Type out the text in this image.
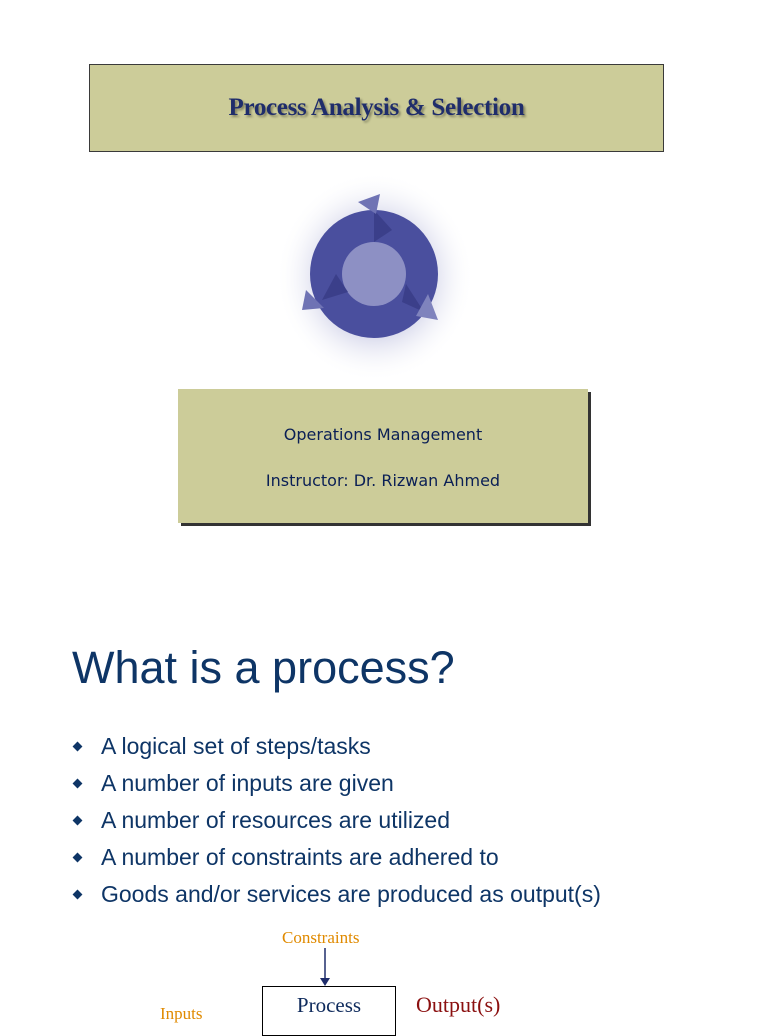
Process Analysis & Selection
Operations Management
Instructor: Dr. Rizwan Ahmed
What is a process?
A logical set of steps/tasks
A number of inputs are given
A number of resources are utilized
A number of constraints are adhered to
Goods and/or services are produced as output(s)
Constraints
Process
Inputs	Output(s)
